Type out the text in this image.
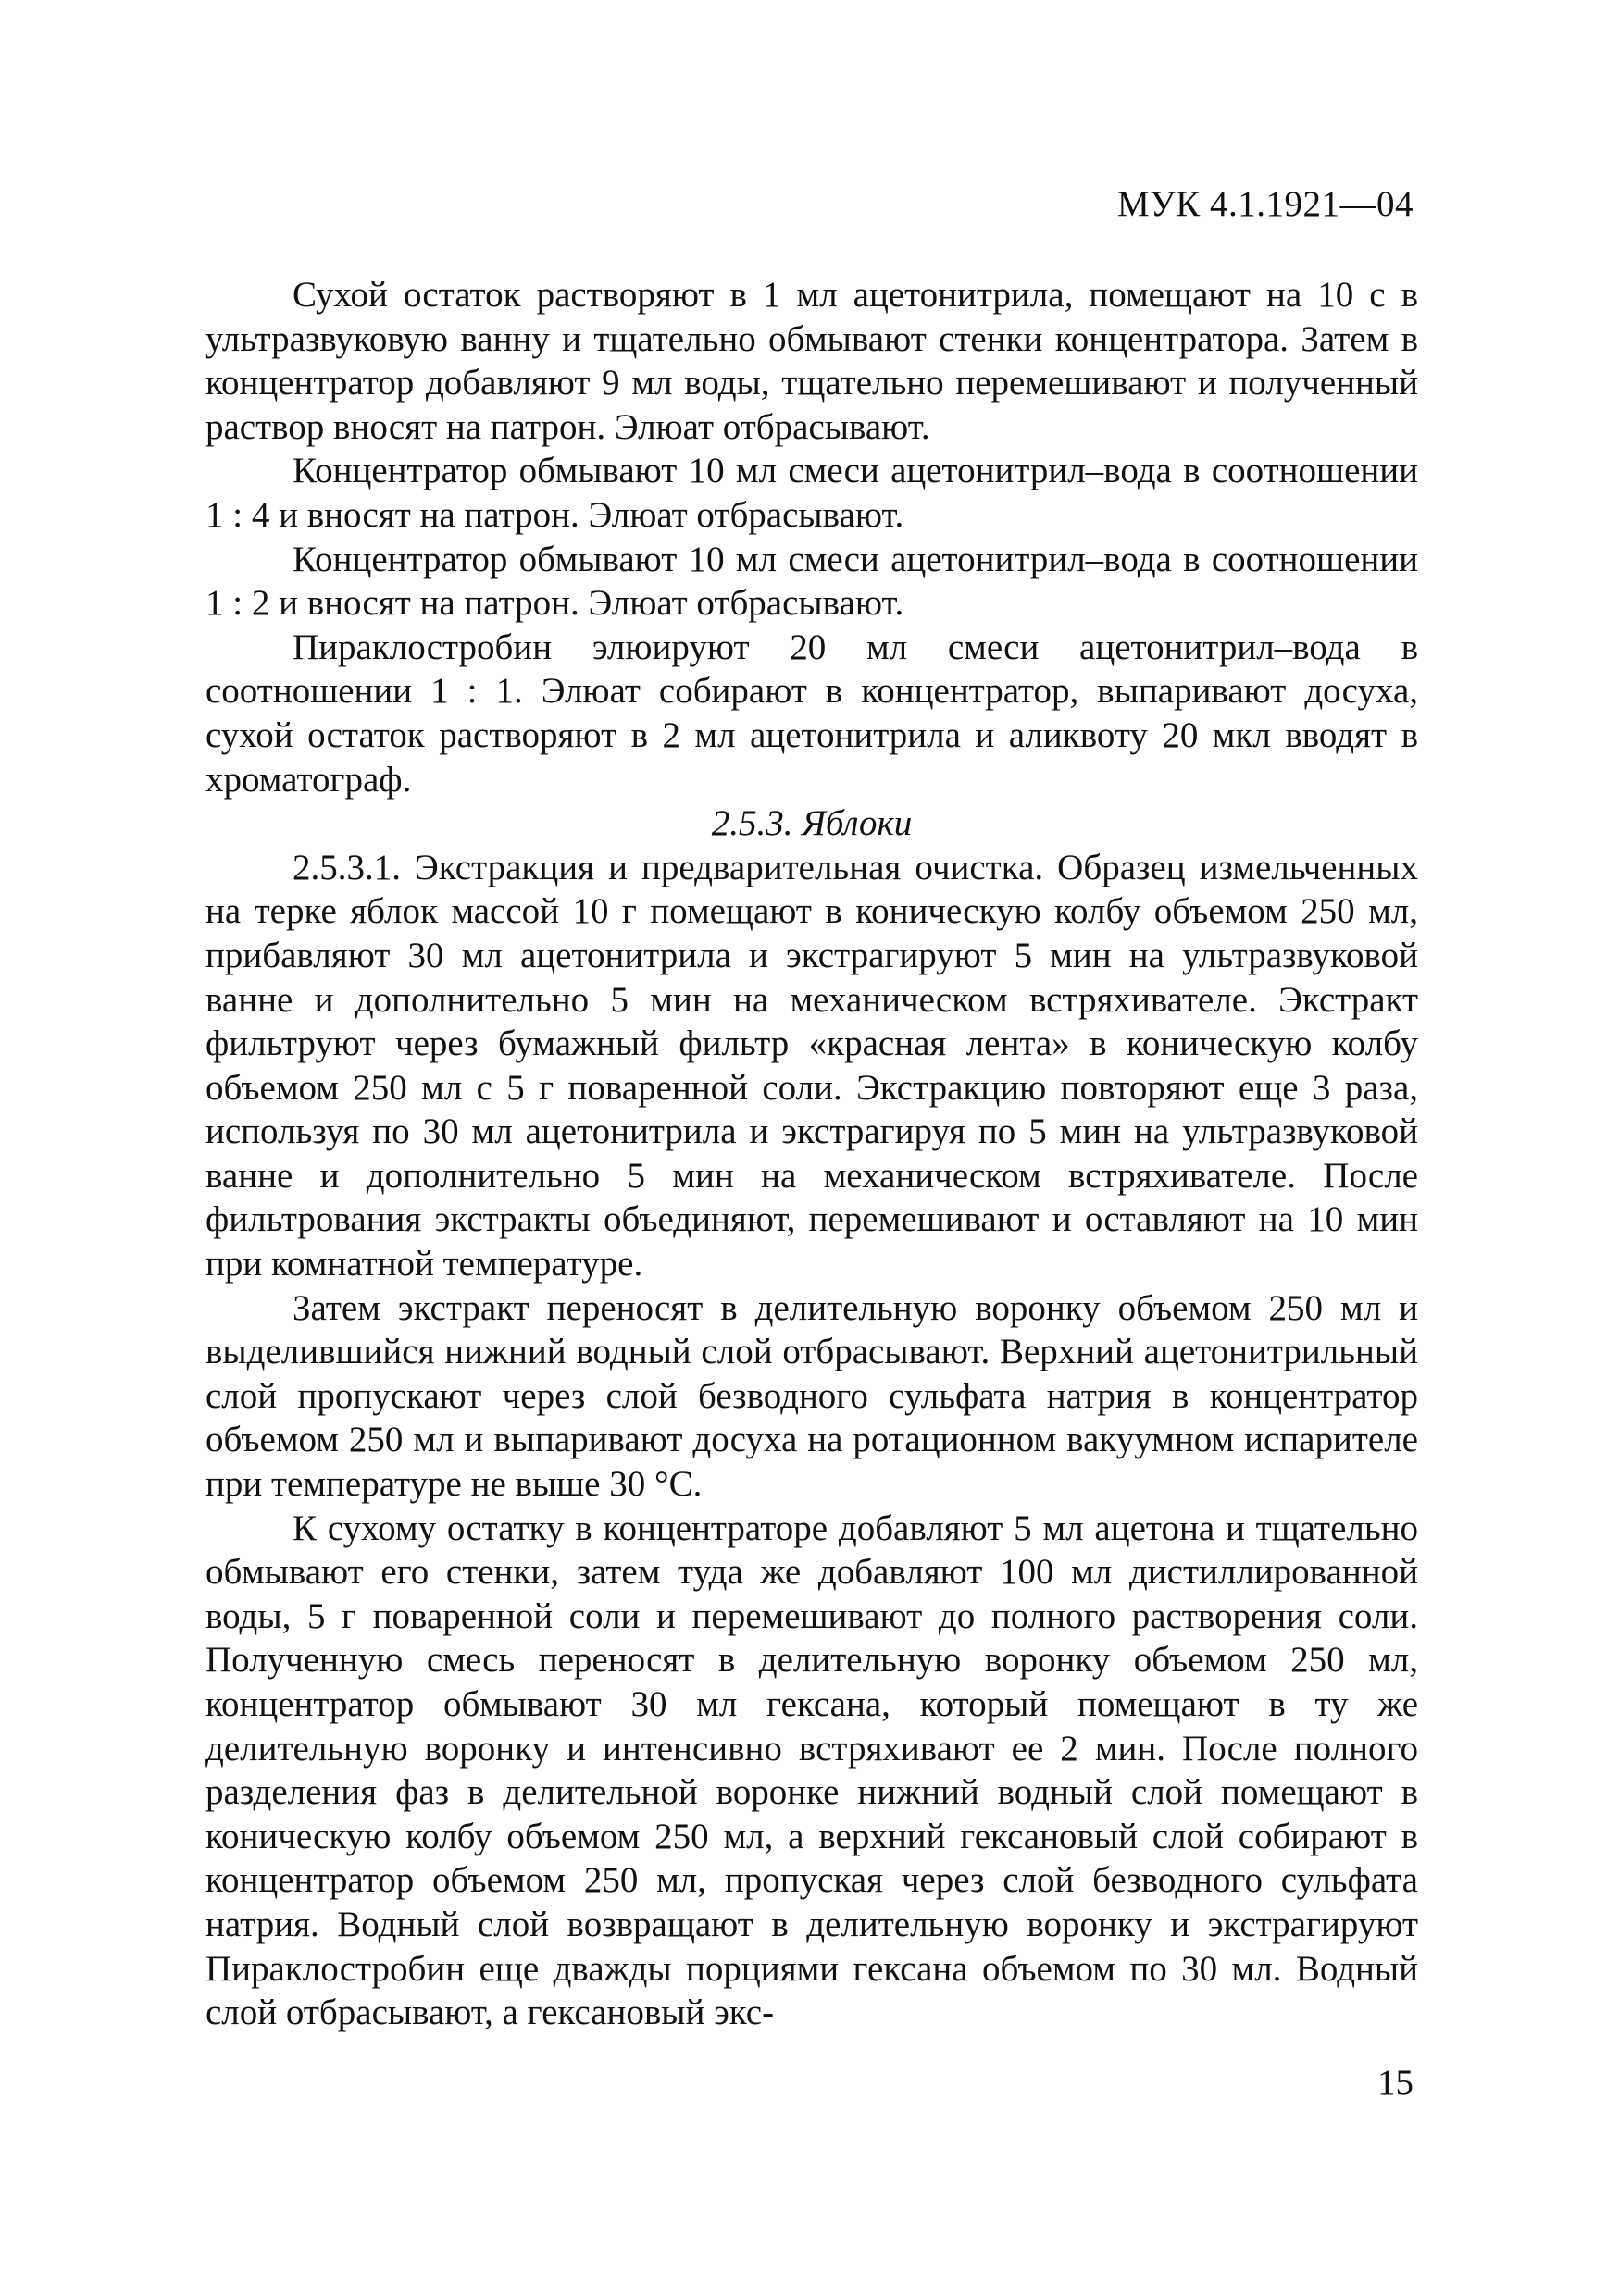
МУК 4.1.1921—04

Сухой остаток растворяют в 1 мл ацетонитрила, помещают на 10 с в ультразвуковую ванну и тщательно обмывают стенки концентратора. Затем в концентратор добавляют 9 мл воды, тщательно перемешивают и полученный раствор вносят на патрон. Элюат отбрасывают.

Концентратор обмывают 10 мл смеси ацетонитрил–вода в соотношении 1 : 4 и вносят на патрон. Элюат отбрасывают.

Концентратор обмывают 10 мл смеси ацетонитрил–вода в соотношении 1 : 2 и вносят на патрон. Элюат отбрасывают.

Пираклостробин элюируют 20 мл смеси ацетонитрил–вода в соотношении 1 : 1. Элюат собирают в концентратор, выпаривают досуха, сухой остаток растворяют в 2 мл ацетонитрила и аликвоту 20 мкл вводят в хроматограф.

2.5.3. Яблоки

2.5.3.1. Экстракция и предварительная очистка. Образец измельченных на терке яблок массой 10 г помещают в коническую колбу объемом 250 мл, прибавляют 30 мл ацетонитрила и экстрагируют 5 мин на ультразвуковой ванне и дополнительно 5 мин на механическом встряхивателе. Экстракт фильтруют через бумажный фильтр «красная лента» в коническую колбу объемом 250 мл с 5 г поваренной соли. Экстракцию повторяют еще 3 раза, используя по 30 мл ацетонитрила и экстрагируя по 5 мин на ультразвуковой ванне и дополнительно 5 мин на механическом встряхивателе. После фильтрования экстракты объединяют, перемешивают и оставляют на 10 мин при комнатной температуре.

Затем экстракт переносят в делительную воронку объемом 250 мл и выделившийся нижний водный слой отбрасывают. Верхний ацетонитрильный слой пропускают через слой безводного сульфата натрия в концентратор объемом 250 мл и выпаривают досуха на ротационном вакуумном испарителе при температуре не выше 30 °С.

К сухому остатку в концентраторе добавляют 5 мл ацетона и тщательно обмывают его стенки, затем туда же добавляют 100 мл дистиллированной воды, 5 г поваренной соли и перемешивают до полного растворения соли. Полученную смесь переносят в делительную воронку объемом 250 мл, концентратор обмывают 30 мл гексана, который помещают в ту же делительную воронку и интенсивно встряхивают ее 2 мин. После полного разделения фаз в делительной воронке нижний водный слой помещают в коническую колбу объемом 250 мл, а верхний гексановый слой собирают в концентратор объемом 250 мл, пропуская через слой безводного сульфата натрия. Водный слой возвращают в делительную воронку и экстрагируют Пираклостробин еще дважды порциями гексана объемом по 30 мл. Водный слой отбрасывают, а гексановый экс-

15
